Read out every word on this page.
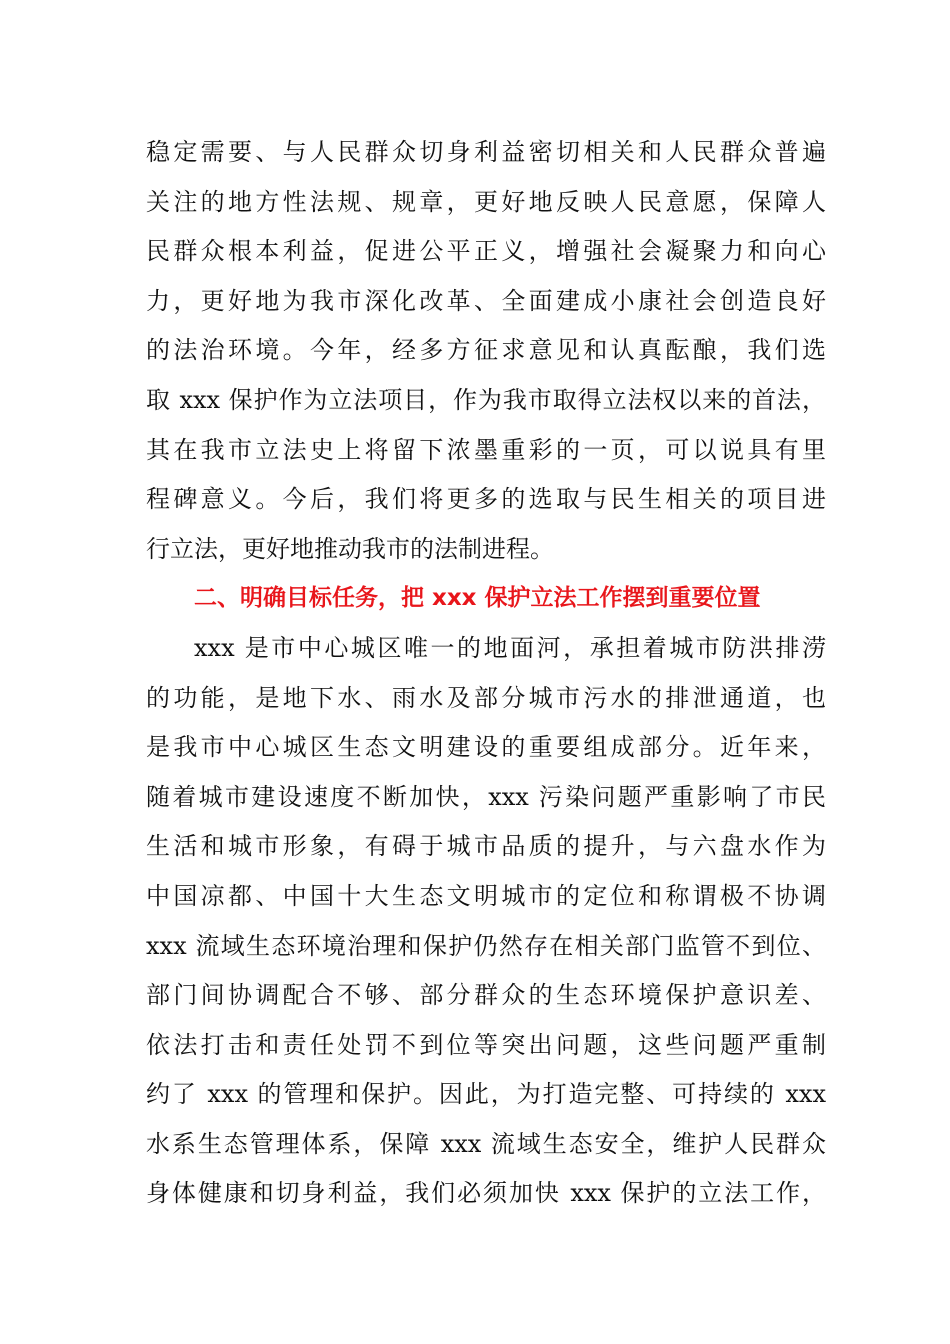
稳定需要、与人民群众切身利益密切相关和人民群众普遍
关注的地方性法规、规章，更好地反映人民意愿，保障人
民群众根本利益，促进公平正义，增强社会凝聚力和向心
力，更好地为我市深化改革、全面建成小康社会创造良好
的法治环境。今年，经多方征求意见和认真酝酿，我们选
取 xxx 保护作为立法项目，作为我市取得立法权以来的首法，
其在我市立法史上将留下浓墨重彩的一页，可以说具有里
程碑意义。今后，我们将更多的选取与民生相关的项目进
行立法，更好地推动我市的法制进程。
二、明确目标任务，把 xxx 保护立法工作摆到重要位置
xxx 是市中心城区唯一的地面河，承担着城市防洪排涝
的功能，是地下水、雨水及部分城市污水的排泄通道，也
是我市中心城区生态文明建设的重要组成部分。近年来，
随着城市建设速度不断加快，xxx 污染问题严重影响了市民
生活和城市形象，有碍于城市品质的提升，与六盘水作为
中国凉都、中国十大生态文明城市的定位和称谓极不协调
xxx 流域生态环境治理和保护仍然存在相关部门监管不到位、
部门间协调配合不够、部分群众的生态环境保护意识差、
依法打击和责任处罚不到位等突出问题，这些问题严重制
约了 xxx 的管理和保护。因此，为打造完整、可持续的 xxx
水系生态管理体系，保障 xxx 流域生态安全，维护人民群众
身体健康和切身利益，我们必须加快 xxx 保护的立法工作，
